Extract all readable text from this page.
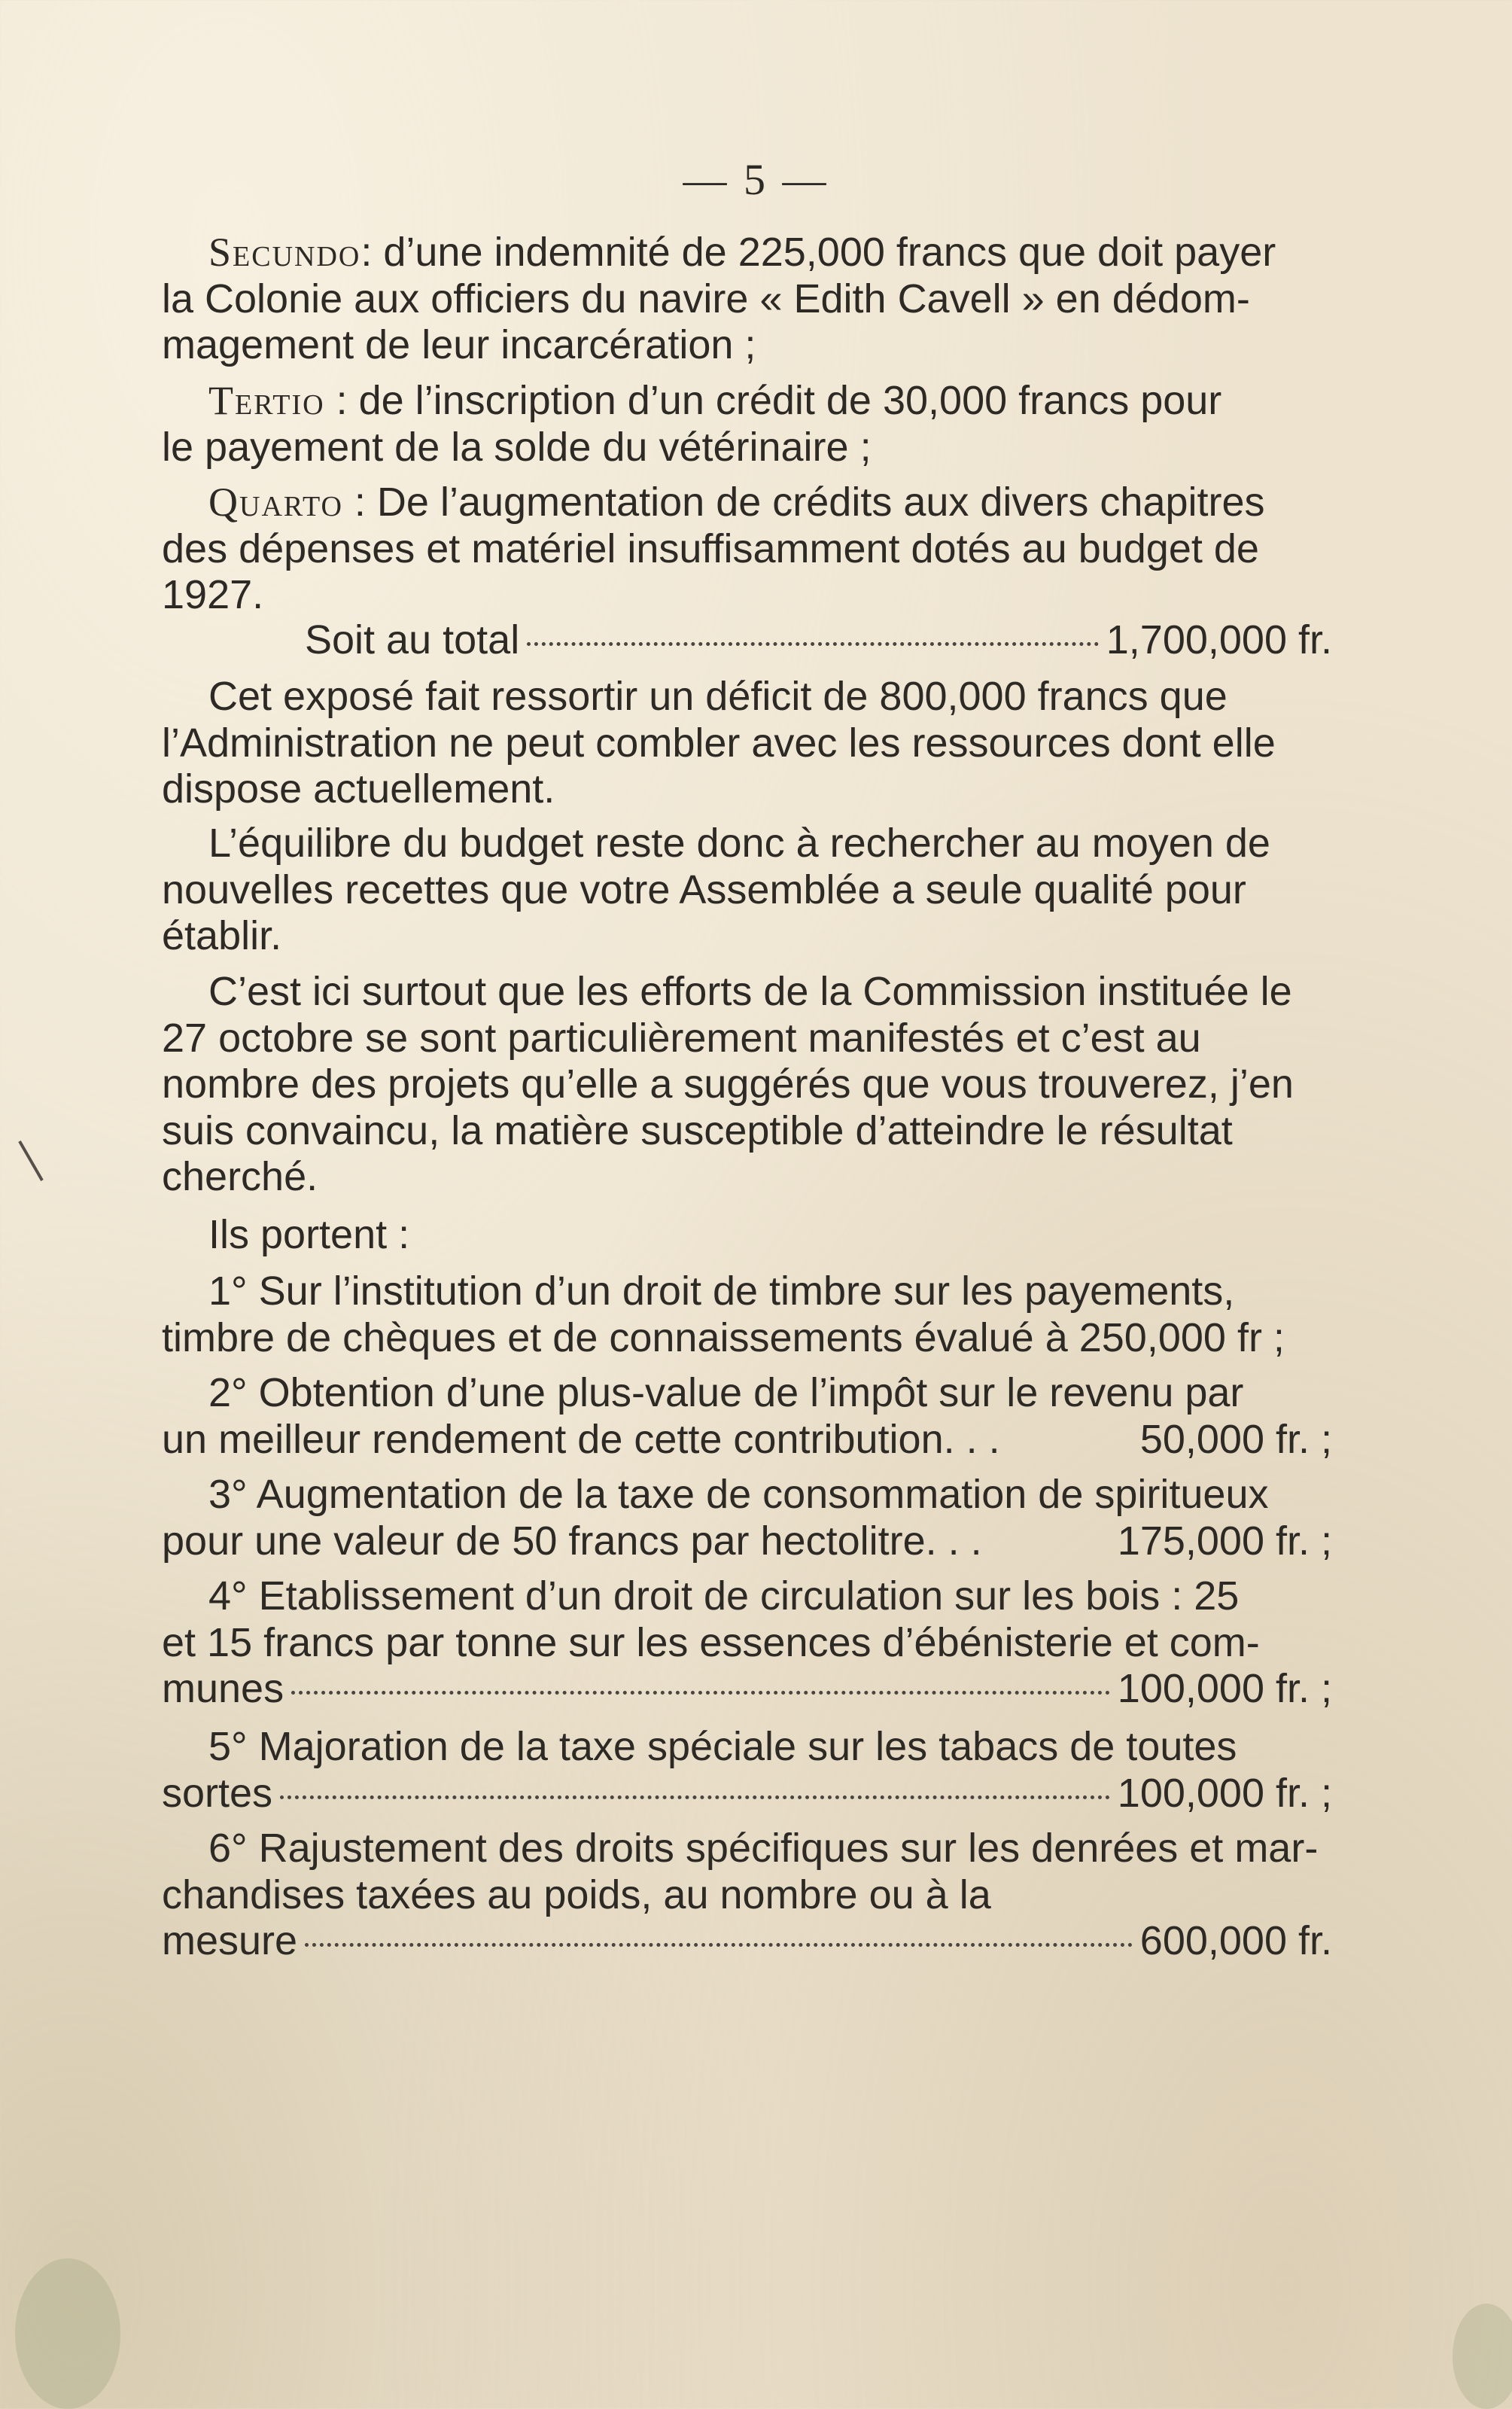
— 5 —
Secundo: d’une indemnité de 225,000 francs que doit payer
la Colonie aux officiers du navire « Edith Cavell » en dédom-
magement de leur incarcération ;
Tertio : de l’inscription d’un crédit de 30,000 francs pour
le payement de la solde du vétérinaire ;
Quarto : De l’augmentation de crédits aux divers chapitres
des dépenses et matériel insuffisamment dotés au budget de
1927.
Soit au total	1,700,000 fr.
Cet exposé fait ressortir un déficit de 800,000 francs que
l’Administration ne peut combler avec les ressources dont elle
dispose actuellement.
L’équilibre du budget reste donc à rechercher au moyen de
nouvelles recettes que votre Assemblée a seule qualité pour
établir.
C’est ici surtout que les efforts de la Commission instituée le
27 octobre se sont particulièrement manifestés et c’est au
nombre des projets qu’elle a suggérés que vous trouverez, j’en
suis convaincu, la matière susceptible d’atteindre le résultat
cherché.
Ils portent :
1° Sur l’institution d’un droit de timbre sur les payements,
timbre de chèques et de connaissements évalué à 250,000 fr ;
2° Obtention d’une plus-value de l’impôt sur le revenu par
un meilleur rendement de cette contribution. . .	50,000 fr. ;
3° Augmentation de la taxe de consommation de spiritueux
pour une valeur de 50 francs par hectolitre. . .	175,000 fr. ;
4° Etablissement d’un droit de circulation sur les bois : 25
et 15 francs par tonne sur les essences d’ébénisterie et com-
munes	100,000 fr. ;
5° Majoration de la taxe spéciale sur les tabacs de toutes
sortes	100,000 fr. ;
6° Rajustement des droits spécifiques sur les denrées et mar-
chandises taxées au poids, au nombre ou à la
mesure	600,000 fr.
